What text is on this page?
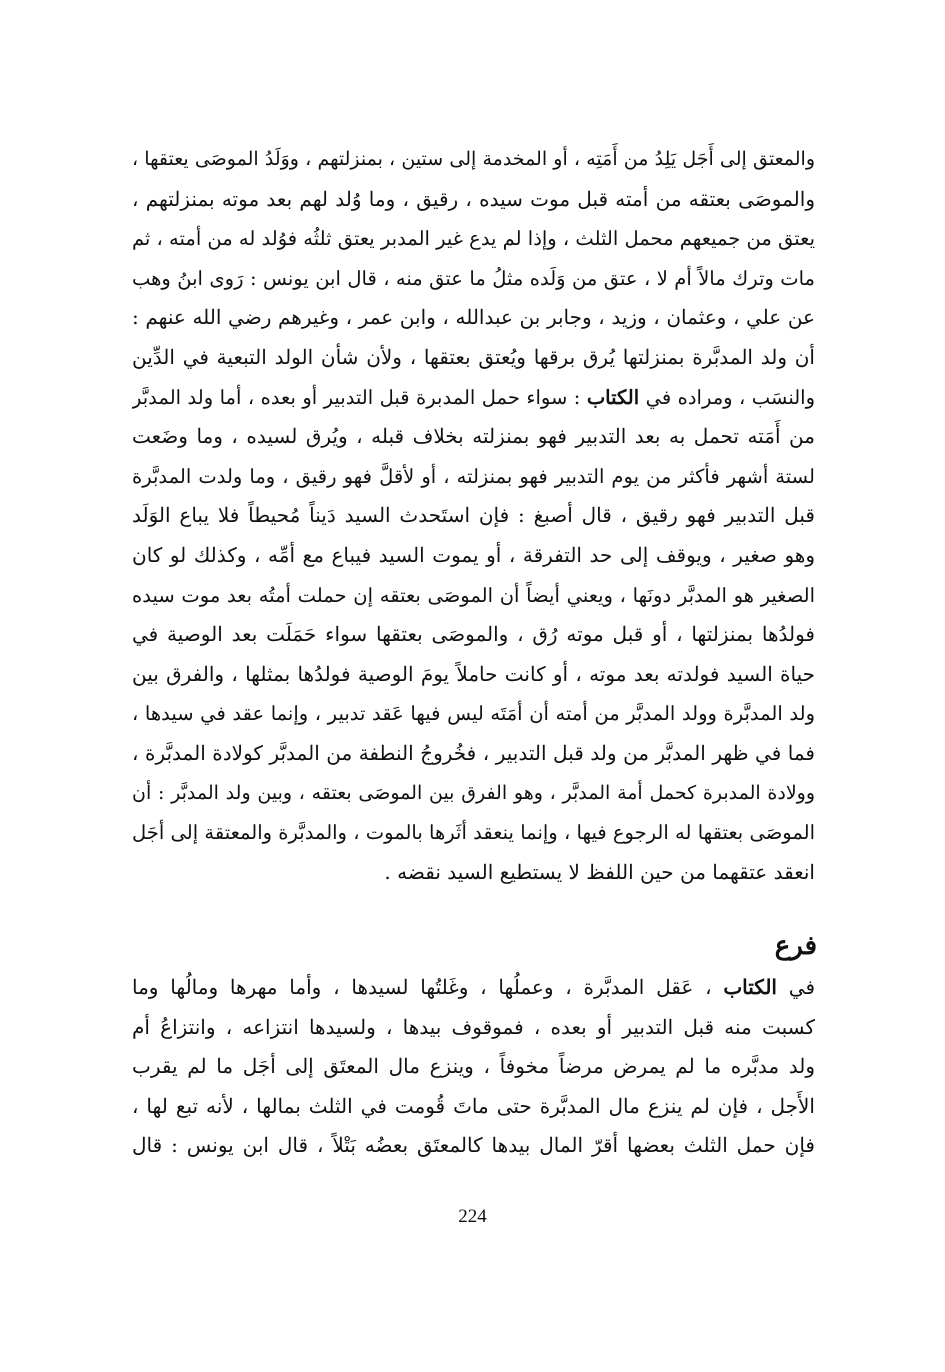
والمعتق إلى أَجَل يَلِدُ من أَمَتِه ، أو المخدمة إلى ستين ، بمنزلتهم ، ووَلَدُ الموصَى يعتقها ،
والموصَى بعتقه من أمته قبل موت سيده ، رقيق ، وما وُلد لهم بعد موته بمنزلتهم ،
يعتق من جميعهم محمل الثلث ، وإذا لم يدع غير المدبر يعتق ثلثُه فوُلد له من أمته ، ثم
مات وترك مالاً أم لا ، عتق من وَلَده مثلُ ما عتق منه ، قال ابن يونس : رَوى ابنُ وهب
عن علي ، وعثمان ، وزيد ، وجابر بن عبدالله ، وابن عمر ، وغيرهم رضي الله عنهم :
أن ولد المدبَّرة بمنزلتها يُرق برقها ويُعتق بعتقها ، ولأن شأن الولد التبعية في الدِّين
والنسَب ، ومراده في الكتاب : سواء حمل المدبرة قبل التدبير أو بعده ، أما ولد المدبَّر
من أَمَته تحمل به بعد التدبير فهو بمنزلته بخلاف قبله ، ويُرق لسيده ، وما وضَعت
لستة أشهر فأكثر من يوم التدبير فهو بمنزلته ، أو لأقلَّ فهو رقيق ، وما ولدت المدبَّرة
قبل التدبير فهو رقيق ، قال أصبغ : فإن استَحدث السيد دَيناً مُحيطاً فلا يباع الوَلَد
وهو صغير ، ويوقف إلى حد التفرقة ، أو يموت السيد فيباع مع أمِّه ، وكذلك لو كان
الصغير هو المدبَّر دونَها ، ويعني أيضاً أن الموصَى بعتقه إن حملت أمتُه بعد موت سيده
فولدُها بمنزلتها ، أو قبل موته رُق ، والموصَى بعتقها سواء حَمَلَت بعد الوصية في
حياة السيد فولدته بعد موته ، أو كانت حاملاً يومَ الوصية فولدُها بمثلها ، والفرق بين
ولد المدبَّرة وولد المدبَّر من أمته أن أمَتَه ليس فيها عَقد تدبير ، وإنما عقد في سيدها ،
فما في ظهر المدبَّر من ولد قبل التدبير ، فخُروجُ النطفة من المدبَّر كولادة المدبَّرة ،
وولادة المدبرة كحمل أمة المدبَّر ، وهو الفرق بين الموصَى بعتقه ، وبين ولد المدبَّر : أن
الموصَى بعتقها له الرجوع فيها ، وإنما ينعقد أثَرها بالموت ، والمدبَّرة والمعتقة إلى أجَل
انعقد عتقهما من حين اللفظ لا يستطيع السيد نقضه .
فرع
في الكتاب ، عَقل المدبَّرة ، وعملُها ، وغَلتُها لسيدها ، وأما مهرها ومالُها وما
كسبت منه قبل التدبير أو بعده ، فموقوف بيدها ، ولسيدها انتزاعه ، وانتزاعُ أم
ولد مدبَّره ما لم يمرض مرضاً مخوفاً ، وينزع مال المعتَق إلى أجَل ما لم يقرب
الأَجل ، فإن لم ينزع مال المدبَّرة حتى ماتَ قُومت في الثلث بمالها ، لأنه تبع لها ،
فإن حمل الثلث بعضها أقرّ المال بيدها كالمعتَق بعضُه بَتْلاً ، قال ابن يونس : قال
224
